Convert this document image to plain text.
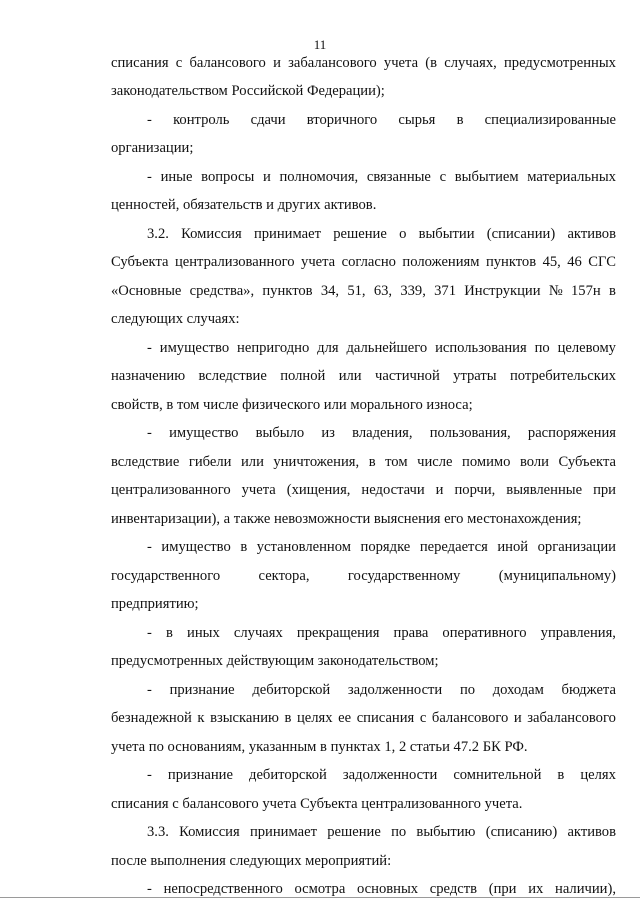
11
списания с балансового и забалансового учета (в случаях, предусмотренных
законодательством Российской Федерации);
- контроль сдачи вторичного сырья в специализированные
организации;
- иные вопросы и полномочия, связанные с выбытием материальных
ценностей, обязательств и других активов.
3.2. Комиссия принимает решение о выбытии (списании) активов
Субъекта централизованного учета согласно положениям пунктов 45, 46 СГС
«Основные средства», пунктов 34, 51, 63, 339, 371 Инструкции № 157н в
следующих случаях:
- имущество непригодно для дальнейшего использования по целевому
назначению вследствие полной или частичной утраты потребительских
свойств, в том числе физического или морального износа;
- имущество выбыло из владения, пользования, распоряжения
вследствие гибели или уничтожения, в том числе помимо воли Субъекта
централизованного учета (хищения, недостачи и порчи, выявленные при
инвентаризации), а также невозможности выяснения его местонахождения;
- имущество в установленном порядке передается иной организации
государственного	сектора,	государственному	(муниципальному)
предприятию;
- в иных случаях прекращения права оперативного управления,
предусмотренных действующим законодательством;
- признание дебиторской задолженности по доходам бюджета
безнадежной к взысканию в целях ее списания с балансового и забалансового
учета по основаниям, указанным в пунктах 1, 2 статьи 47.2 БК РФ.
- признание дебиторской задолженности сомнительной в целях
списания с балансового учета Субъекта централизованного учета.
3.3. Комиссия принимает решение по выбытию (списанию) активов
после выполнения следующих мероприятий:
- непосредственного осмотра основных средств (при их наличии),
